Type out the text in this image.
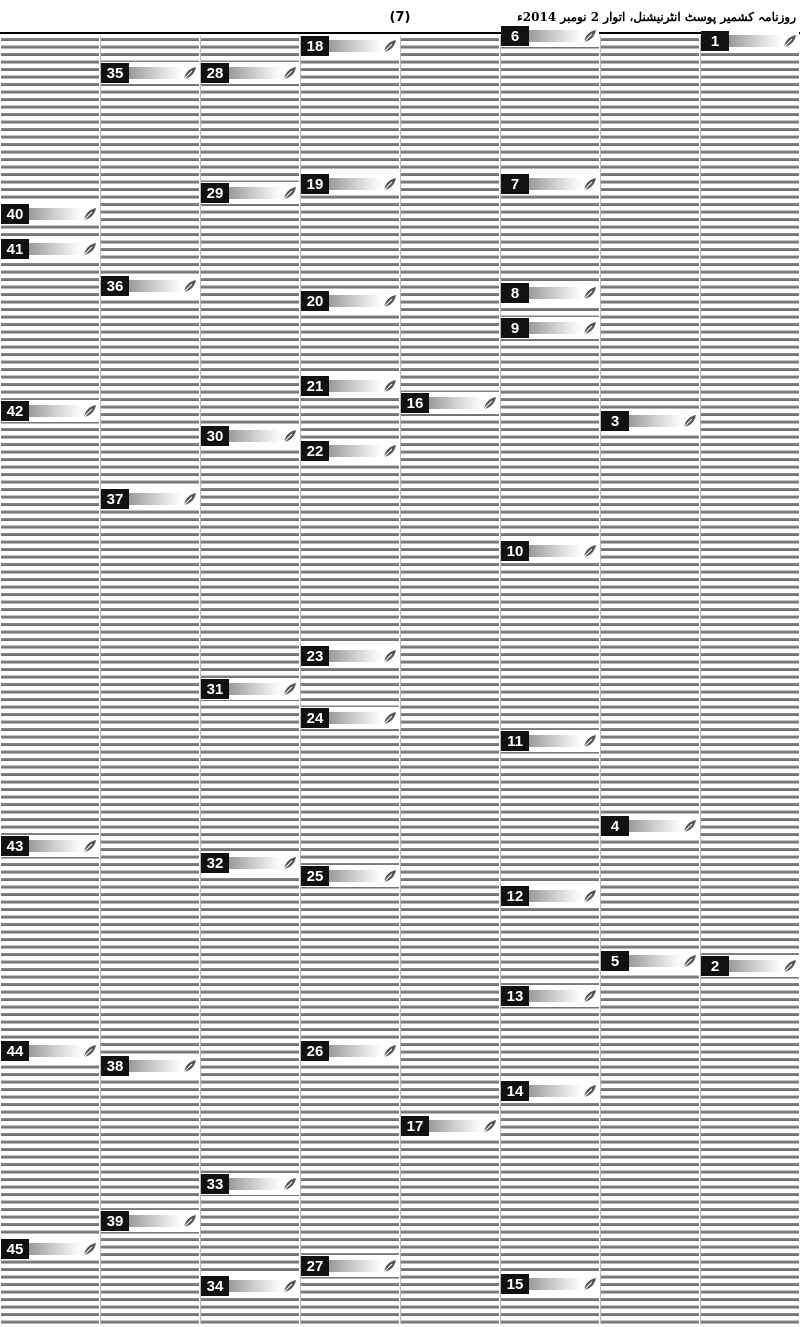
روزنامہ کشمیر پوسٹ انٹرنیشنل، اتوار 2 نومبر 2014ء
(7)
1
2
3
4
5
6
7
8
9
10
11
12
13
14
15
16
17
18
19
20
21
22
23
24
25
26
27
28
29
30
31
32
33
34
35
36
37
38
39
40
41
42
43
44
45
